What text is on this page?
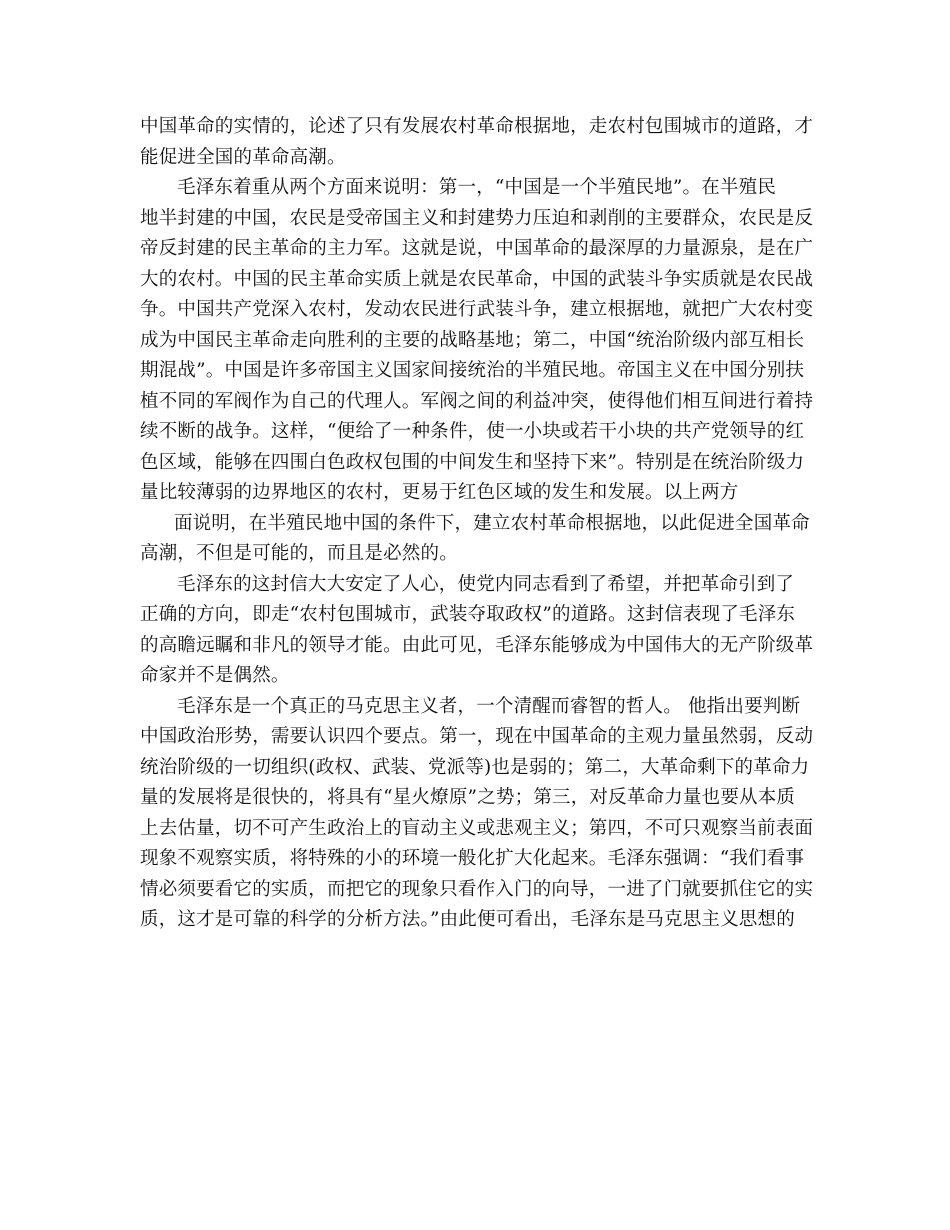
中国革命的实情的，论述了只有发展农村革命根据地，走农村包围城市的道路，才
能促进全国的革命高潮。
毛泽东着重从两个方面来说明：第一，“中国是一个半殖民地”。在半殖民
地半封建的中国，农民是受帝国主义和封建势力压迫和剥削的主要群众，农民是反
帝反封建的民主革命的主力军。这就是说，中国革命的最深厚的力量源泉，是在广
大的农村。中国的民主革命实质上就是农民革命，中国的武装斗争实质就是农民战
争。中国共产党深入农村，发动农民进行武装斗争，建立根据地，就把广大农村变
成为中国民主革命走向胜利的主要的战略基地；第二，中国“统治阶级内部互相长
期混战”。中国是许多帝国主义国家间接统治的半殖民地。帝国主义在中国分别扶
植不同的军阀作为自己的代理人。军阀之间的利益冲突，使得他们相互间进行着持
续不断的战争。这样，“便给了一种条件，使一小块或若干小块的共产党领导的红
色区域，能够在四围白色政权包围的中间发生和坚持下来”。特别是在统治阶级力
量比较薄弱的边界地区的农村，更易于红色区域的发生和发展。以上两方
面说明，在半殖民地中国的条件下，建立农村革命根据地，以此促进全国革命
高潮，不但是可能的，而且是必然的。
毛泽东的这封信大大安定了人心，使党内同志看到了希望，并把革命引到了
正确的方向，即走“农村包围城市，武装夺取政权”的道路。这封信表现了毛泽东
的高瞻远瞩和非凡的领导才能。由此可见，毛泽东能够成为中国伟大的无产阶级革
命家并不是偶然。
毛泽东是一个真正的马克思主义者，一个清醒而睿智的哲人。 他指出要判断
中国政治形势，需要认识四个要点。第一，现在中国革命的主观力量虽然弱，反动
统治阶级的一切组织(政权、武装、党派等)也是弱的；第二，大革命剩下的革命力
量的发展将是很快的，将具有“星火燎原”之势；第三，对反革命力量也要从本质
上去估量，切不可产生政治上的盲动主义或悲观主义；第四，不可只观察当前表面
现象不观察实质，将特殊的小的环境一般化扩大化起来。毛泽东强调：“我们看事
情必须要看它的实质，而把它的现象只看作入门的向导，一进了门就要抓住它的实
质，这才是可靠的科学的分析方法。”由此便可看出，毛泽东是马克思主义思想的
